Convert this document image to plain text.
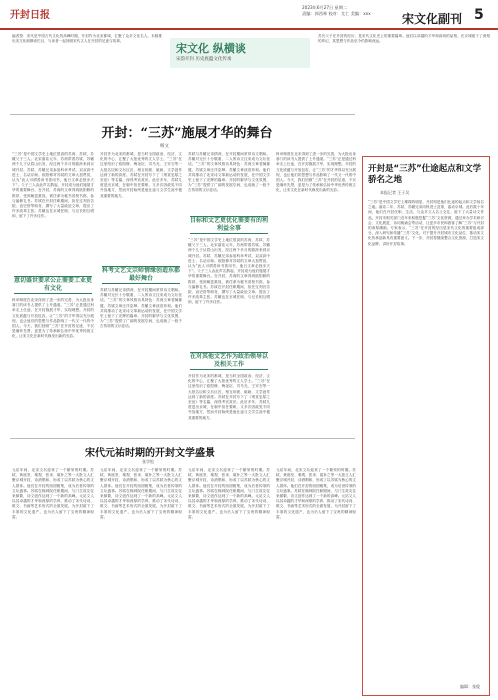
开封日报
2023年6月27日 星期二
责编：郭西林 校对：尤仁 美编：xxx	宋文化副刊 5
编者按：宋代是中国古代文化的高峰时期，开封作为北宋都城，汇聚了众多文化名人。本版推出宋文化纵横谈栏目，与读者一起回顾宋代文人在开封的足迹与故事。
苏氏父子在开封的经历，是宋代文化史上的重要篇章。他们以卓越的才华和高尚的品格，在京城留下了深刻的印记，其思想与作品至今仍影响深远。
宋文化 纵横谈
宋韵开封 历史底蕴文化传承
开封：“三苏”施展才华的舞台
杨文
“三苏”是中国文学史上地位很高的苏洵、苏轼、苏辙父子三人。北宋嘉祐元年，苏洵带着苏轼、苏辙两个儿子从眉山出发，经过两个多月的跋涉来到京城开封。苏轼、苏辙兄弟参加科举考试，双双高中进士，名动京师。欧阳修对苏轼的文章大加赞赏，认为“此人可谓善读书善用书，他日文章必独步天下”。父子三人由此声名鹊起，开封成为他们施展才华的重要舞台。在开封，苏洵的文章得到欧阳修的推荐，受到朝廷重视，被任命为秘书省校书郎，参与编修礼书。苏轼在开封任职期间，担任过判官告院、直史馆等职务，撰写了大量政论文章，提出了许多改革主张。苏辙也在京城任职，与兄长相互唱和，留下了许多佳作。
意切盛世要求公正需要工业更有文化
科举制度在北宋得到了进一步的完善，为大批出身寒门的读书人提供了上升通道。“三苏”正是通过科举走上仕途，在开封施展才华，实现理想。开封的文化底蕴与开放包容，让“三苏”的才华得以充分展现，也让他们的思想与作品影响了一代又一代的中国人。今天，我们回顾“三苏”在开封的足迹，不仅是缅怀先贤，更是为了传承和弘扬中华优秀传统文化，让宋文化在新时代焕发出新的光彩。
开封作为北宋的都城，是当时全国政治、经济、文化的中心，汇聚了大批优秀的文人学士。“三苏”在这里结识了欧阳修、梅尧臣、司马光、王安石等一大批名臣和文坛巨匠，相互切磋、砥砺，文学创作达到了新的高度。苏轼在开封写下了《刑赏忠厚之至论》等名篇，深得考官赏识。此后多年，苏轼几度进出京城，在朝中担任要职，又多次因政见不同外放地方，然而开封始终是他仕途与文学生涯中极其重要的地方。
科考文艺文宗师情缘创造东都最好舞台
苏轼与苏辙兄弟情深，在开封期间常常诗文唱和。苏辙对兄长十分敬重，二人的诗文往来成为文坛佳话。“三苏”的文章风格各具特色：苏洵文章老辣雄健，苏轼文章汪洋恣肆，苏辙文章淡泊冲和。他们共同推动了北宋诗文革新运动的发展，在中国文学史上留下了光辉的篇章。开封的繁华与文化氛围，为“三苏”提供了广阔的发展空间，也成就了一段千古传颂的文坛佳话。
苏轼与苏辙兄弟情深，在开封期间常常诗文唱和。苏辙对兄长十分敬重，二人的诗文往来成为文坛佳话。“三苏”的文章风格各具特色：苏洵文章老辣雄健，苏轼文章汪洋恣肆，苏辙文章淡泊冲和。他们共同推动了北宋诗文革新运动的发展，在中国文学史上留下了光辉的篇章。开封的繁华与文化氛围，为“三苏”提供了广阔的发展空间，也成就了一段千古传颂的文坛佳话。
目标和文艺更优化需要有的利利益全事
“三苏”是中国文学史上地位很高的苏洵、苏轼、苏辙父子三人。北宋嘉祐元年，苏洵带着苏轼、苏辙两个儿子从眉山出发，经过两个多月的跋涉来到京城开封。苏轼、苏辙兄弟参加科举考试，双双高中进士，名动京师。欧阳修对苏轼的文章大加赞赏，认为“此人可谓善读书善用书，他日文章必独步天下”。父子三人由此声名鹊起，开封成为他们施展才华的重要舞台。在开封，苏洵的文章得到欧阳修的推荐，受到朝廷重视，被任命为秘书省校书郎，参与编修礼书。苏轼在开封任职期间，担任过判官告院、直史馆等职务，撰写了大量政论文章，提出了许多改革主张。苏辙也在京城任职，与兄长相互唱和，留下了许多佳作。
在对其他文艺作为政治领导以及相关工作
开封作为北宋的都城，是当时全国政治、经济、文化的中心，汇聚了大批优秀的文人学士。“三苏”在这里结识了欧阳修、梅尧臣、司马光、王安石等一大批名臣和文坛巨匠，相互切磋、砥砺，文学创作达到了新的高度。苏轼在开封写下了《刑赏忠厚之至论》等名篇，深得考官赏识。此后多年，苏轼几度进出京城，在朝中担任要职，又多次因政见不同外放地方，然而开封始终是他仕途与文学生涯中极其重要的地方。
科举制度在北宋得到了进一步的完善，为大批出身寒门的读书人提供了上升通道。“三苏”正是通过科举走上仕途，在开封施展才华，实现理想。开封的文化底蕴与开放包容，让“三苏”的才华得以充分展现，也让他们的思想与作品影响了一代又一代的中国人。今天，我们回顾“三苏”在开封的足迹，不仅是缅怀先贤，更是为了传承和弘扬中华优秀传统文化，让宋文化在新时代焕发出新的光彩。
宋代元祐时期的开封文学盛景
张学松
元祐年间，北宋文坛迎来了一个繁荣的时期。苏轼、黄庭坚、秦观、张耒、晁补之等一大批文人汇聚京城开封，诗酒唱和，形成了以苏轼为核心的文人群体。他们在开封的西园雅集，成为后世传颂的文坛盛事。苏轼在翰林院任职期间，与门生故友往来频繁，诗文创作达到了一个新的高峰。元祐文人以其卓越的才华和深厚的学养，推动了宋代诗词、散文、书画等艺术形式的全面发展，为开封留下了丰厚的文化遗产，也为后人留下了宝贵的精神财富。
元祐年间，北宋文坛迎来了一个繁荣的时期。苏轼、黄庭坚、秦观、张耒、晁补之等一大批文人汇聚京城开封，诗酒唱和，形成了以苏轼为核心的文人群体。他们在开封的西园雅集，成为后世传颂的文坛盛事。苏轼在翰林院任职期间，与门生故友往来频繁，诗文创作达到了一个新的高峰。元祐文人以其卓越的才华和深厚的学养，推动了宋代诗词、散文、书画等艺术形式的全面发展，为开封留下了丰厚的文化遗产，也为后人留下了宝贵的精神财富。
元祐年间，北宋文坛迎来了一个繁荣的时期。苏轼、黄庭坚、秦观、张耒、晁补之等一大批文人汇聚京城开封，诗酒唱和，形成了以苏轼为核心的文人群体。他们在开封的西园雅集，成为后世传颂的文坛盛事。苏轼在翰林院任职期间，与门生故友往来频繁，诗文创作达到了一个新的高峰。元祐文人以其卓越的才华和深厚的学养，推动了宋代诗词、散文、书画等艺术形式的全面发展，为开封留下了丰厚的文化遗产，也为后人留下了宝贵的精神财富。
元祐年间，北宋文坛迎来了一个繁荣的时期。苏轼、黄庭坚、秦观、张耒、晁补之等一大批文人汇聚京城开封，诗酒唱和，形成了以苏轼为核心的文人群体。他们在开封的西园雅集，成为后世传颂的文坛盛事。苏轼在翰林院任职期间，与门生故友往来频繁，诗文创作达到了一个新的高峰。元祐文人以其卓越的才华和深厚的学养，推动了宋代诗词、散文、书画等艺术形式的全面发展，为开封留下了丰厚的文化遗产，也为后人留下了宝贵的精神财富。
开封是“三苏”仕途起点和文学骄名之地
本报记者 王子吴
“三苏”是中国文学史上璀璨的明星，开封则是他们仕途的起点和文学扬名之地。嘉祐二年，苏轼、苏辙兄弟同科进士及第，轰动京城。此后数十年间，他们在开封任职、生活，与众多文人名士交往，留下了大量诗文作品。开封市相关部门近年来积极挖掘“三苏”文化资源，通过举办学术研讨会、文化展览、诗词朗诵会等活动，让更多市民和游客了解“三苏”与开封的深厚渊源。专家表示，“三苏”在开封的经历是宋代文化的重要组成部分，深入研究和传播“三苏”文化，对于提升开封城市文化品位、推动宋文化传承创新具有重要意义。下一步，开封将继续整合文化资源，打造宋文化品牌，讲好开封故事。
编辑：张俊
